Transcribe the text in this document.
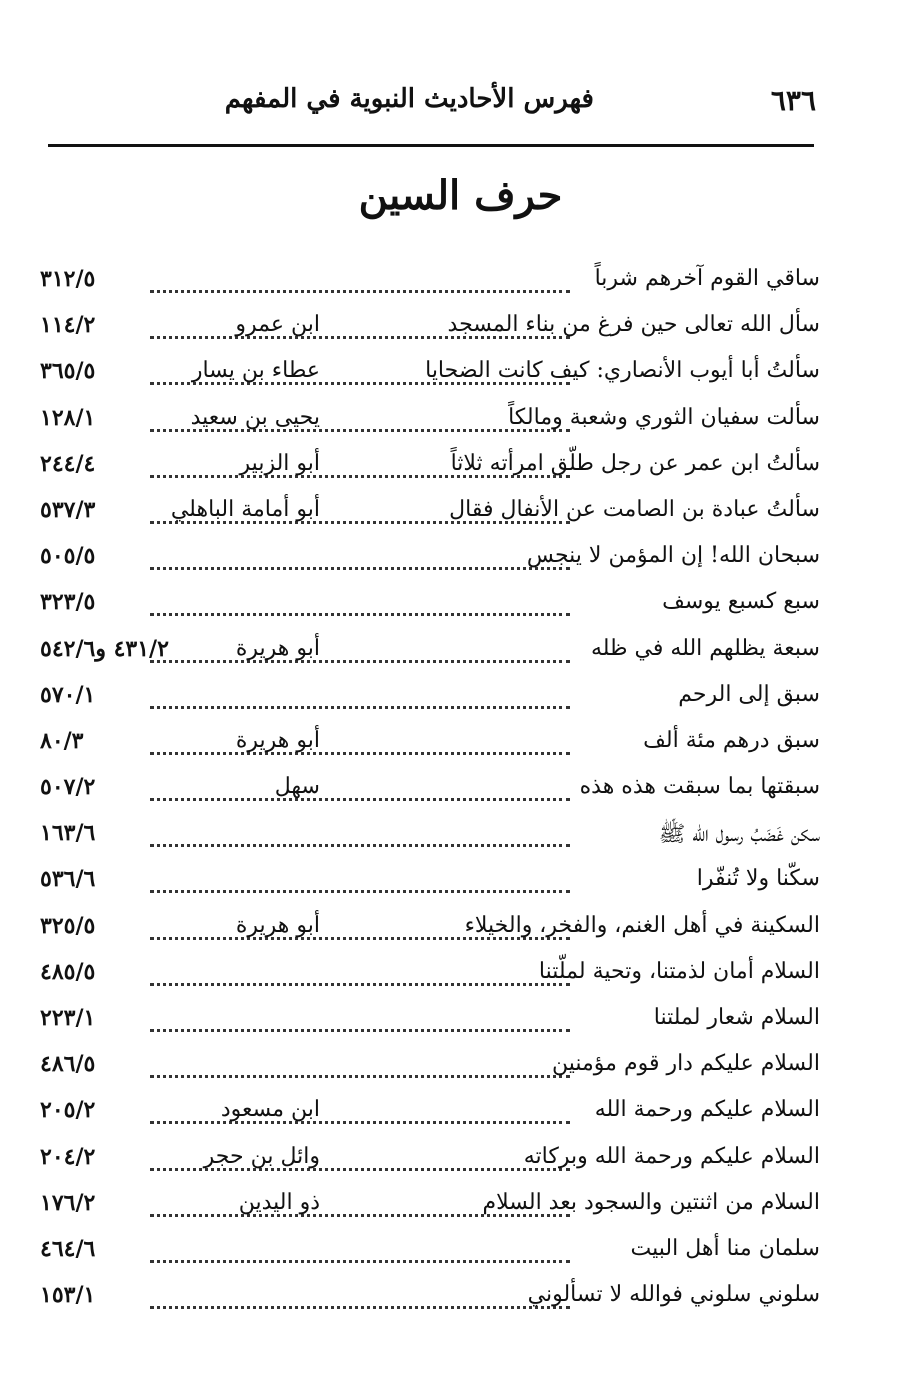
٦٣٦
فهرس الأحاديث النبوية في المفهم
حرف السين
ساقي القوم آخرهم شرباً
٣١٢/٥
سأل الله تعالى حين فرغ من بناء المسجد
ابن عمرو
١١٤/٢
سألتُ أبا أيوب الأنصاري: كيف كانت الضحايا
عطاء بن يسار
٣٦٥/٥
سألت سفيان الثوري وشعبة ومالكاً
يحيى بن سعيد
١٢٨/١
سألتُ ابن عمر عن رجل طلّق امرأته ثلاثاً
أبو الزبير
٢٤٤/٤
سألتُ عبادة بن الصامت عن الأنفال فقال
أبو أمامة الباهلي
٥٣٧/٣
سبحان الله! إن المؤمن لا ينجس
٥٠٥/٥
سبع كسبع يوسف
٣٢٣/٥
سبعة يظلهم الله في ظله
أبو هريرة
٤٣١/٢ و٥٤٢/٦
سبق إلى الرحم
٥٧٠/١
سبق درهم مئة ألف
أبو هريرة
٨٠/٣
سبقتها بما سبقت هذه هذه
سهل
٥٠٧/٢
سكن غَضَبُ رسول الله ﷺ
١٦٣/٦
سكّنا ولا تُنفّرا
٥٣٦/٦
السكينة في أهل الغنم، والفخر، والخيلاء
أبو هريرة
٣٢٥/٥
السلام أمان لذمتنا، وتحية لملّتنا
٤٨٥/٥
السلام شعار لملتنا
٢٢٣/١
السلام عليكم دار قوم مؤمنين
٤٨٦/٥
السلام عليكم ورحمة الله
ابن مسعود
٢٠٥/٢
السلام عليكم ورحمة الله وبركاته
وائل بن حجر
٢٠٤/٢
السلام من اثنتين والسجود بعد السلام
ذو اليدين
١٧٦/٢
سلمان منا أهل البيت
٤٦٤/٦
سلوني سلوني فوالله لا تسألوني
١٥٣/١
